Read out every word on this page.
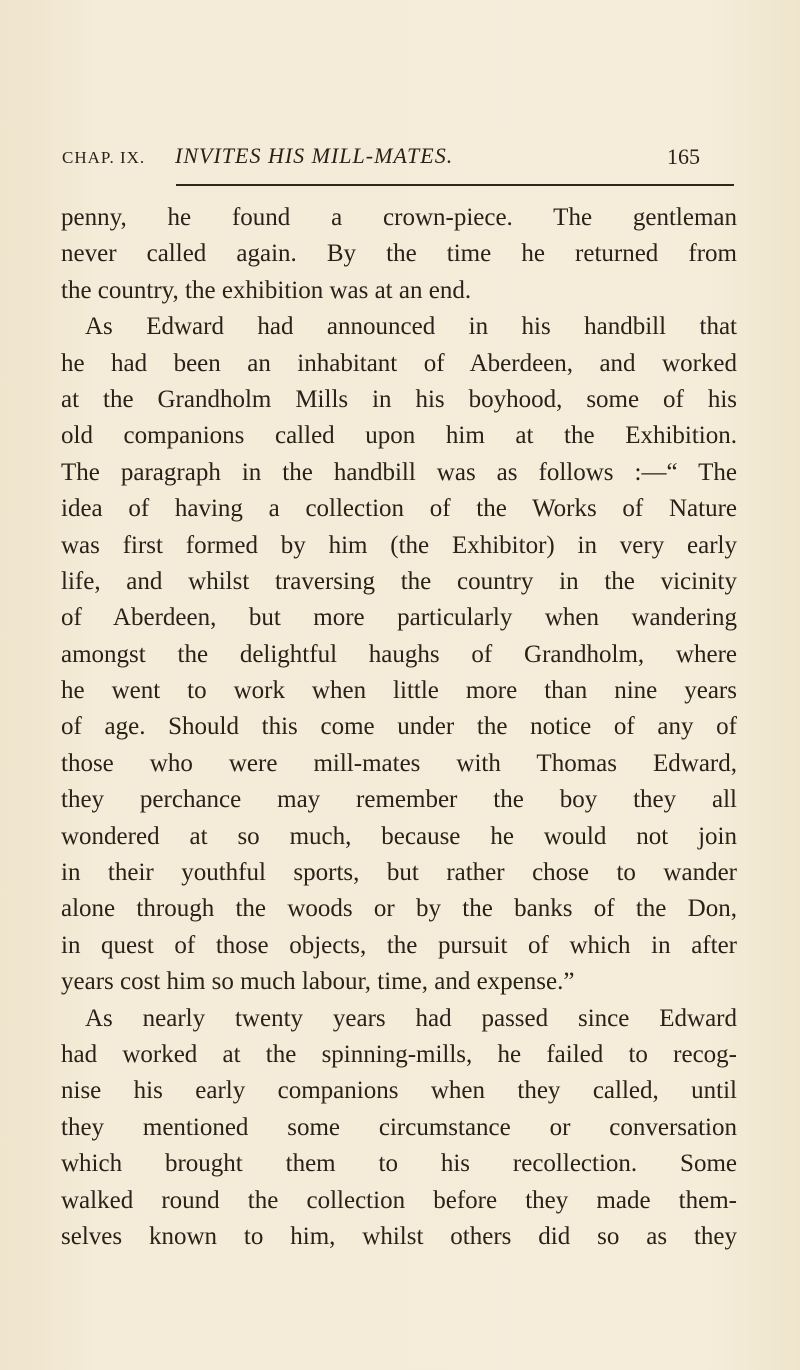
CHAP. IX. INVITES HIS MILL-MATES.	165
penny, he found a crown-piece. The gentleman
never called again. By the time he returned from
the country, the exhibition was at an end.
As Edward had announced in his handbill that
he had been an inhabitant of Aberdeen, and worked
at the Grandholm Mills in his boyhood, some of his
old companions called upon him at the Exhibition.
The paragraph in the handbill was as follows :—“ The
idea of having a collection of the Works of Nature
was first formed by him (the Exhibitor) in very early
life, and whilst traversing the country in the vicinity
of Aberdeen, but more particularly when wandering
amongst the delightful haughs of Grandholm, where
he went to work when little more than nine years
of age. Should this come under the notice of any of
those who were mill-mates with Thomas Edward,
they perchance may remember the boy they all
wondered at so much, because he would not join
in their youthful sports, but rather chose to wander
alone through the woods or by the banks of the Don,
in quest of those objects, the pursuit of which in after
years cost him so much labour, time, and expense.”
As nearly twenty years had passed since Edward
had worked at the spinning-mills, he failed to recog-
nise his early companions when they called, until
they mentioned some circumstance or conversation
which brought them to his recollection. Some
walked round the collection before they made them-
selves known to him, whilst others did so as they
